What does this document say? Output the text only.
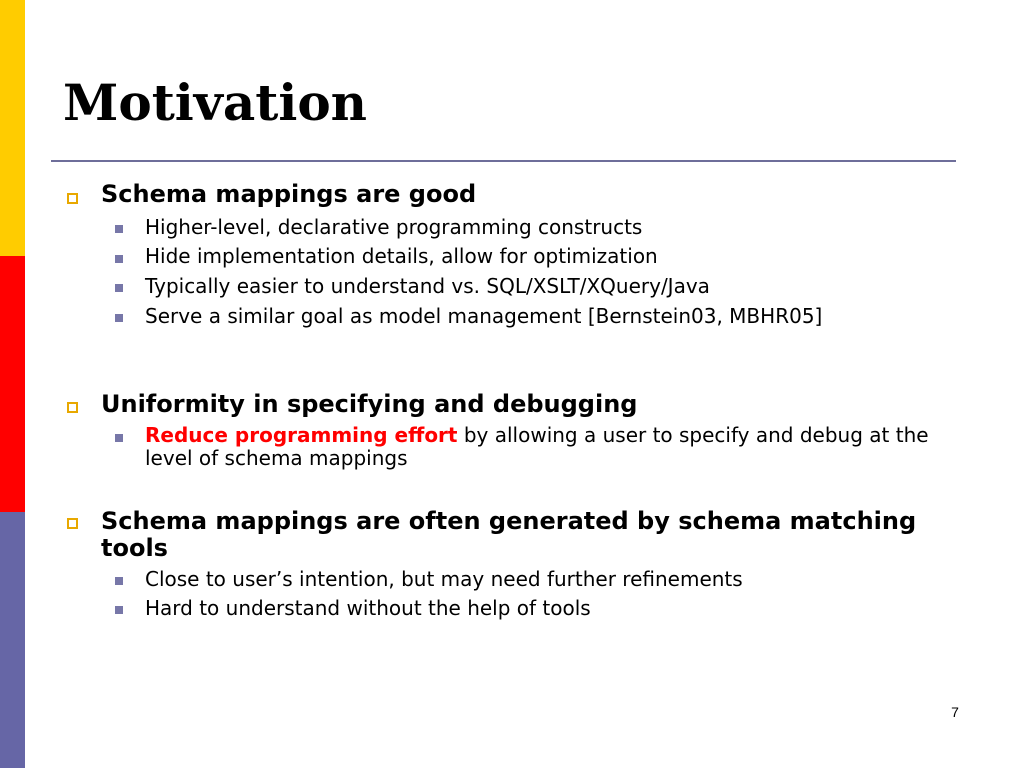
Motivation
Schema mappings are good
Higher-level, declarative programming constructs
Hide implementation details, allow for optimization
Typically easier to understand vs. SQL/XSLT/XQuery/Java
Serve a similar goal as model management [Bernstein03, MBHR05]
Uniformity in specifying and debugging
Reduce programming effort by allowing a user to specify and debug at the level of schema mappings
Schema mappings are often generated by schema matching tools
Close to user’s intention, but may need further refinements
Hard to understand without the help of tools
7
